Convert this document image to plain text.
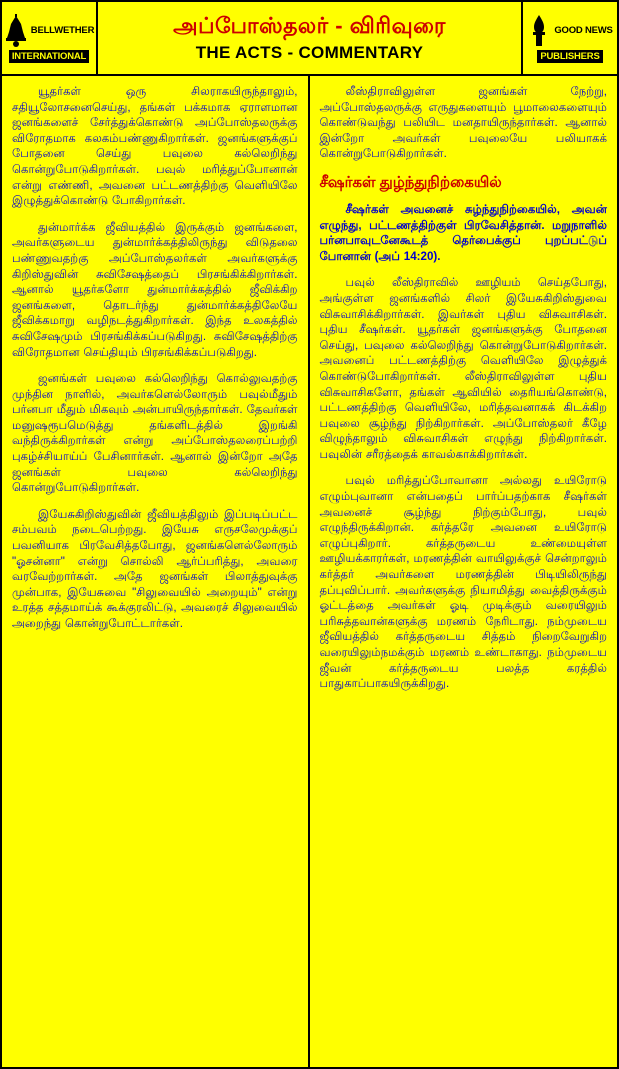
BELLWETHER
INTERNATIONAL
அப்போஸ்தலர் - விரிவுரை
THE ACTS - COMMENTARY
GOOD NEWS
PUBLISHERS

யூதர்கள் ஒரு சிலராகயிருந்தாலும், சதியூலோசனைசெய்து, தங்கள் பக்கமாக ஏராளமான ஜனங்களைச் சேர்த்துக்கொண்டு அப்போஸ்தலருக்கு விரோதமாக கலகம்பண்ணுகிறார்கள். ஜனங்களுக்குப் போதனை செய்து பவுலை கல்லெறிந்து கொன்றுபோடுகிறார்கள். பவுல் மரித்துப்போனான் என்று எண்ணி, அவனை பட்டணத்திற்கு வெளியிலே இழுத்துக்கொண்டு போகிறார்கள்.

துன்மார்க்க ஜீவியத்தில் இருக்கும் ஜனங்களை, அவர்களுடைய துன்மார்க்கத்திலிருந்து விடுதலை பண்ணுவதற்கு அப்போஸ்தலர்கள் அவர்களுக்கு கிறிஸ்துவின் சுவிசேஷத்தைப் பிரசங்கிக்கிறார்கள். ஆனால் யூதர்களோ துன்மார்க்கத்தில் ஜீவிக்கிற ஜனங்களை, தொடர்ந்து துன்மார்க்கத்திலேயே ஜீவிக்கமாறு வழிநடத்துகிறார்கள். இந்த உலகத்தில் சுவிசேஷமும் பிரசங்கிக்கப்படுகிறது. சுவிசேஷத்திற்கு விரோதமான செய்தியும் பிரசங்கிக்கப்படுகிறது.

ஜனங்கள் பவுலை கல்லெறிந்து கொல்லுவதற்கு முந்தின நாளில், அவர்களெல்லோரும் பவுல்மீதும் பர்னபா மீதும் மிகவும் அன்பாயிருந்தார்கள். தேவர்கள் மனுஷரூபமெடுத்து தங்களிடத்தில் இறங்கி வந்திருக்கிறார்கள் என்று அப்போஸ்தலரைப்பற்றி புகழ்ச்சியாய்ப் பேசினார்கள். ஆனால் இன்றோ அதே ஜனங்கள் பவுலை கல்லெறிந்து கொன்றுபோடுகிறார்கள்.

இயேசுகிறிஸ்துவின் ஜீவியத்திலும் இப்படிப்பட்ட சம்பவம் நடைபெற்றது. இயேசு எருசலேமுக்குப் பவனியாக பிரவேசித்தபோது, ஜனங்களெல்லோரும் "ஓசன்னா" என்று சொல்லி ஆர்ப்பரித்து, அவரை வரவேற்றார்கள். அதே ஜனங்கள் பிலாத்துவுக்கு முன்பாக, இயேசுவை "சிலுவையில் அறையும்" என்று உரத்த சத்தமாய்க் கூக்குரலிட்டு, அவரைச் சிலுவையில் அறைந்து கொன்றுபோட்டார்கள்.

லீஸ்திராவிலுள்ள ஜனங்கள் நேற்று, அப்போஸ்தலருக்கு எருதுகளையும் பூமாலைகளையும் கொண்டுவந்து பலியிட மனதாயிருந்தார்கள். ஆனால் இன்றோ அவர்கள் பவுலையே பலியாகக் கொன்றுபோடுகிறார்கள்.

சீஷர்கள் துழ்ந்துநிற்கையில்

சீஷர்கள் அவனைச் சுழ்ந்துநிற்கையில், அவன் எழுந்து, பட்டணத்திற்குள் பிரவேசித்தான். மறுநாளில் பர்னபாவுடனேகூடத் தெர்பைக்குப் புறப்பட்டுப் போனான் (அப் 14:20).

பவுல் லீஸ்திராவில் ஊழியம் செய்தபோது, அங்குள்ள ஜனங்களில் சிலர் இயேசுகிறிஸ்துவை விசுவாசிக்கிறார்கள். இவர்கள் புதிய விசுவாசிகள். புதிய சீஷர்கள். யூதர்கள் ஜனங்களுக்கு போதனை செய்து, பவுலை கல்லெறிந்து கொன்றுபோடுகிறார்கள். அவனைப் பட்டணத்திற்கு வெளியிலே இழுத்துக் கொண்டுபோகிறார்கள். லீஸ்திராவிலுள்ள புதிய விசுவாசிகளோ, தங்கள் ஆவியில் தைரியங்கொண்டு, பட்டணத்திற்கு வெளியிலே, மரித்தவனாகக் கிடக்கிற பவுலை சூழ்ந்து நிற்கிறார்கள். அப்போஸ்தலர் கீழே விழுந்தாலும் விசுவாசிகள் எழுந்து நிற்கிறார்கள். பவுலின் சரீரத்தைக் காவல்காக்கிறார்கள்.

பவுல் மரித்துப்போவானா அல்லது உயிரோடு எழும்புவானா என்பதைப் பார்ப்பதற்காக சீஷர்கள் அவனைச் சூழ்ந்து நிற்கும்போது, பவுல் எழுந்திருக்கிறான். கர்த்தரே அவனை உயிரோடு எழுப்புகிறார். கர்த்தருடைய உண்மையுள்ள ஊழியக்காரர்கள், மரணத்தின் வாயிலுக்குச் சென்றாலும் கர்த்தர் அவர்களை மரணத்தின் பிடியிலிருந்து தப்புவிப்பார். அவர்களுக்கு நியாமித்து வைத்திருக்கும் ஓட்டத்தை அவர்கள் ஓடி முடிக்கும் வரையிலும் பரிசுத்தவான்களுக்கு மரணம் நேரிடாது. நம்முடைய ஜீவியத்தில் கர்த்தருடைய சித்தம் நிறைவேறுகிற வரையிலும்நமக்கும் மரணம் உண்டாகாது. நம்முடைய ஜீவன் கர்த்தருடைய பலத்த கரத்தில் பாதுகாப்பாகயிருக்கிறது.
